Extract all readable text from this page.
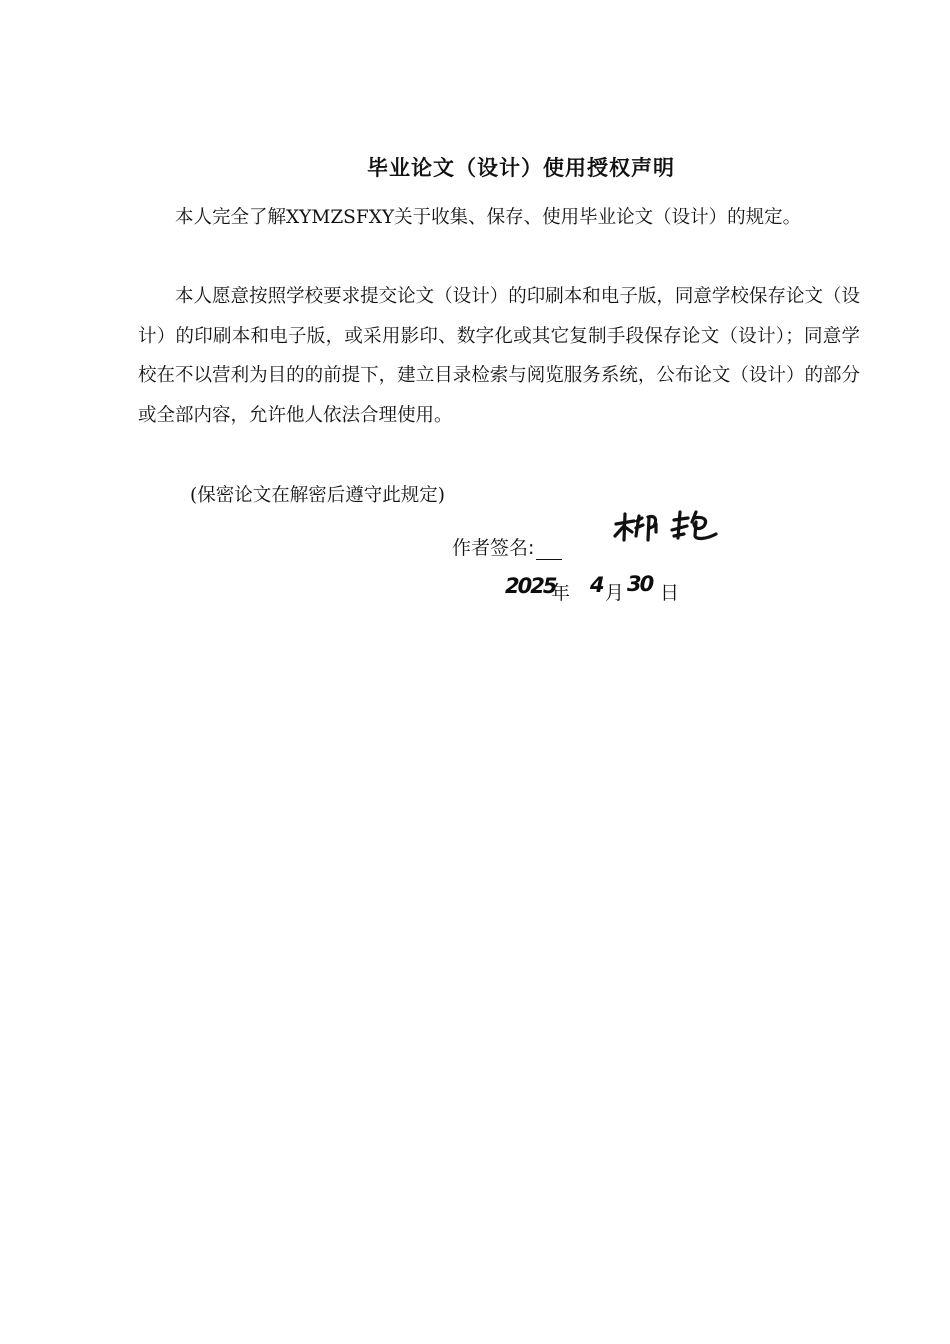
毕业论文（设计）使用授权声明
本人完全了解XYMZSFXY关于收集、保存、使用毕业论文（设计）的规定。
本人愿意按照学校要求提交论文（设计）的印刷本和电子版，同意学校保存论文（设计）的印刷本和电子版，或采用影印、数字化或其它复制手段保存论文（设计）；同意学校在不以营利为目的的前提下，建立目录检索与阅览服务系统，公布论文（设计）的部分或全部内容，允许他人依法合理使用。
(保密论文在解密后遵守此规定)
作者签名:
2025
年 4 月 30 日
